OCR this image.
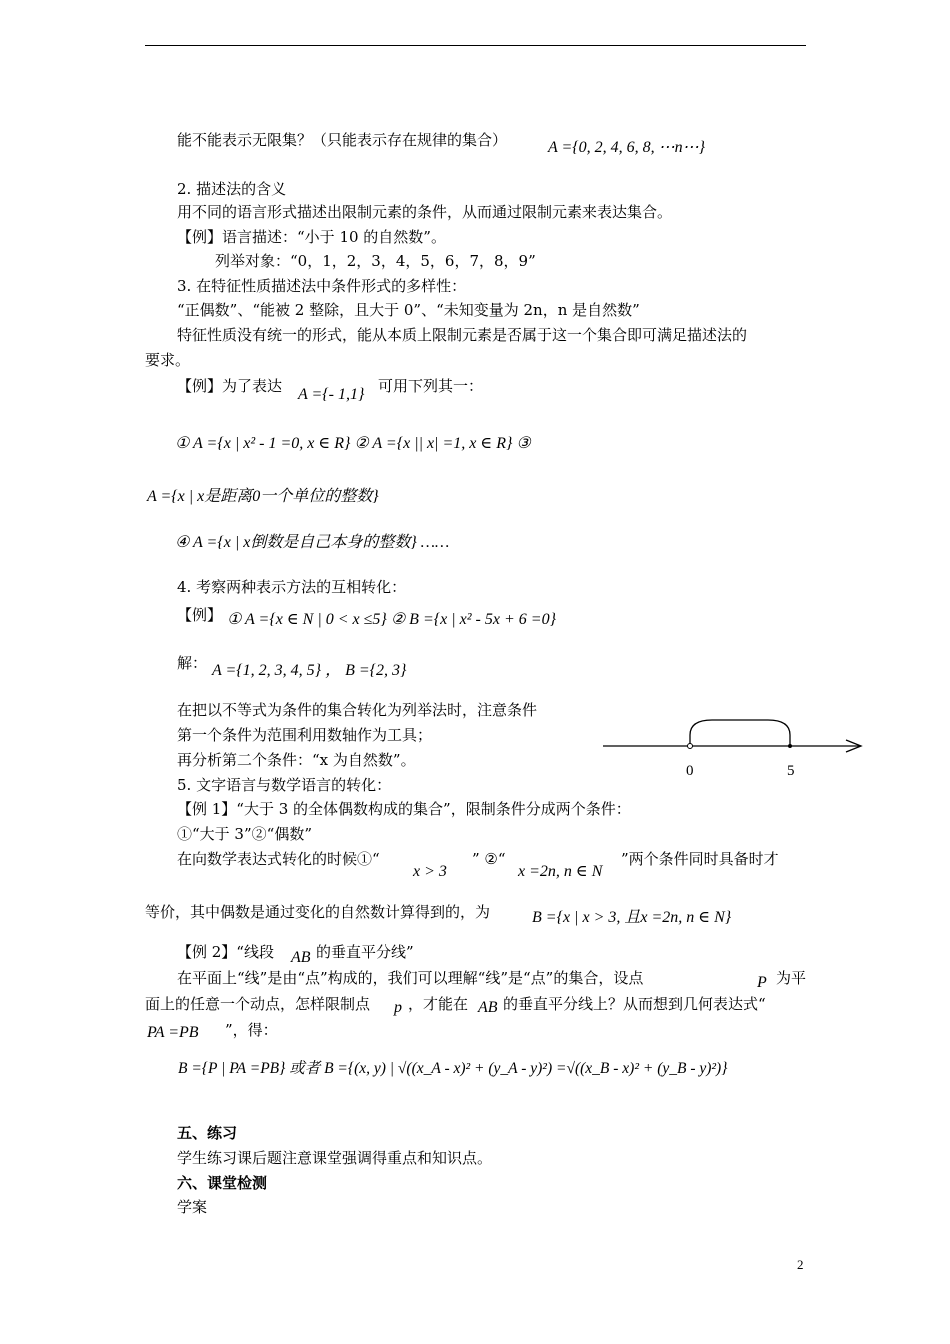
能不能表示无限集？（只能表示存在规律的集合）	A ={0, 2, 4, 6, 8, ⋯n⋯}
2. 描述法的含义
用不同的语言形式描述出限制元素的条件，从而通过限制元素来表达集合。
【例】语言描述：“小于 10 的自然数”。
列举对象：“0，1，2，3，4，5，6，7，8，9”
3. 在特征性质描述法中条件形式的多样性：
“正偶数”、“能被 2 整除，且大于 0”、“未知变量为 2n，n 是自然数”
特征性质没有统一的形式，能从本质上限制元素是否属于这一个集合即可满足描述法的
要求。
【例】为了表达 A ={- 1,1} 可用下列其一：
① A ={x | x² - 1 =0, x ∈ R} ② A ={x || x| =1, x ∈ R} ③
A ={x | x是距离0一个单位的整数}
④ A ={x | x倒数是自己本身的整数} ……
4. 考察两种表示方法的互相转化：
【例】 ① A ={x ∈ N | 0 < x ≤5} ② B ={x | x² - 5x + 6 =0}
解： A ={1, 2, 3, 4, 5} ， B ={2, 3}
在把以不等式为条件的集合转化为列举法时，注意条件
第一个条件为范围利用数轴作为工具；
再分析第二个条件：“x 为自然数”。
0	5
5. 文字语言与数学语言的转化：
【例 1】“大于 3 的全体偶数构成的集合”，限制条件分成两个条件：
①“大于 3”②“偶数”
在向数学表达式转化的时候①“
x > 3
” ②“
x =2n, n ∈ N
”两个条件同时具备时才
等价，其中偶数是通过变化的自然数计算得到的，为	B ={x | x > 3, 且x =2n, n ∈ N}
【例 2】“线段 AB 的垂直平分线”
在平面上“线”是由“点”构成的，我们可以理解“线”是“点”的集合，设点	P 为平
面上的任意一个动点，怎样限制点 p ，才能在 AB 的垂直平分线上？从而想到几何表达式“
PA =PB ”，得：
B ={P | PA =PB} 或者 B ={(x, y) | √((x_A - x)² + (y_A - y)²) =√((x_B - x)² + (y_B - y)²)}
五、练习
学生练习课后题注意课堂强调得重点和知识点。
六、课堂检测
学案
2
